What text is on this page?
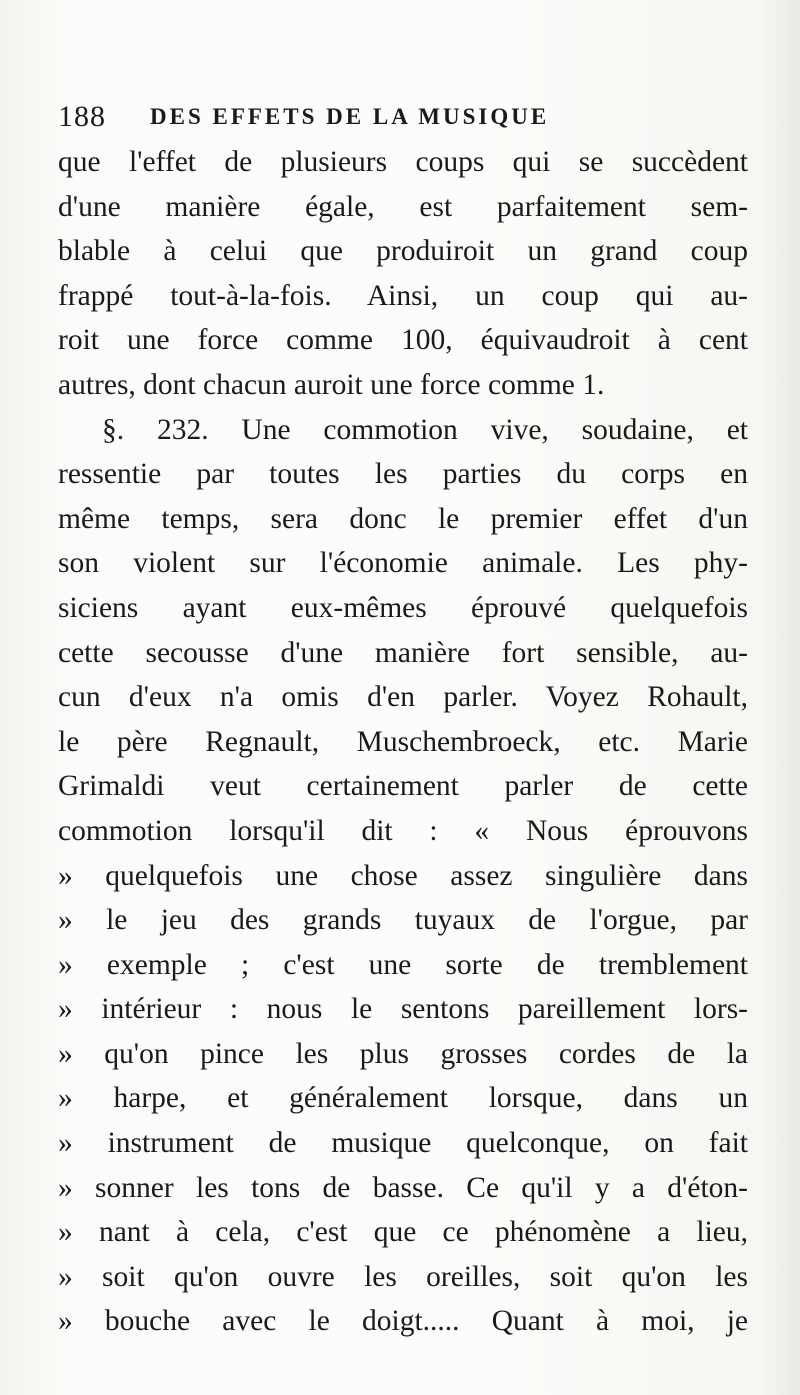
188 DES EFFETS DE LA MUSIQUE
que l'effet de plusieurs coups qui se succèdent
d'une manière égale, est parfaitement sem-
blable à celui que produiroit un grand coup
frappé tout-à-la-fois. Ainsi, un coup qui au-
roit une force comme 100, équivaudroit à cent
autres, dont chacun auroit une force comme 1.
§. 232. Une commotion vive, soudaine, et
ressentie par toutes les parties du corps en
même temps, sera donc le premier effet d'un
son violent sur l'économie animale. Les phy-
siciens ayant eux-mêmes éprouvé quelquefois
cette secousse d'une manière fort sensible, au-
cun d'eux n'a omis d'en parler. Voyez Rohault,
le père Regnault, Muschembroeck, etc. Marie
Grimaldi veut certainement parler de cette
commotion lorsqu'il dit : « Nous éprouvons
» quelquefois une chose assez singulière dans
» le jeu des grands tuyaux de l'orgue, par
» exemple ; c'est une sorte de tremblement
» intérieur : nous le sentons pareillement lors-
» qu'on pince les plus grosses cordes de la
» harpe, et généralement lorsque, dans un
» instrument de musique quelconque, on fait
» sonner les tons de basse. Ce qu'il y a d'éton-
» nant à cela, c'est que ce phénomène a lieu,
» soit qu'on ouvre les oreilles, soit qu'on les
» bouche avec le doigt..... Quant à moi, je
